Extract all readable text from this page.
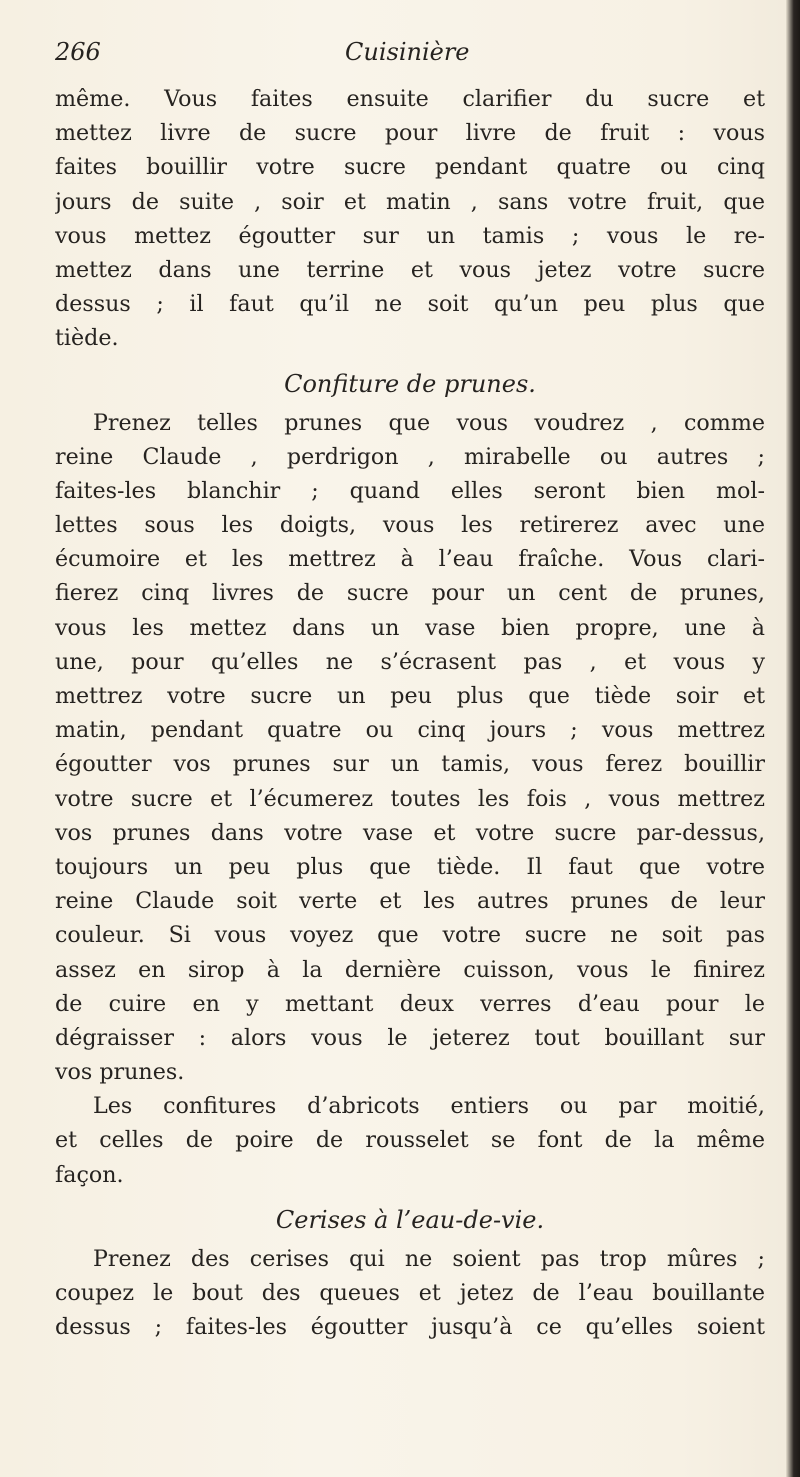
266	Cuisinière
même. Vous faites ensuite clarifier du sucre et
mettez livre de sucre pour livre de fruit : vous
faites bouillir votre sucre pendant quatre ou cinq
jours de suite , soir et matin , sans votre fruit, que
vous mettez égoutter sur un tamis ; vous le re-
mettez dans une terrine et vous jetez votre sucre
dessus ; il faut qu’il ne soit qu’un peu plus que
tiède.
Confiture de prunes.
Prenez telles prunes que vous voudrez , comme
reine Claude , perdrigon , mirabelle ou autres ;
faites-les blanchir ; quand elles seront bien mol-
lettes sous les doigts, vous les retirerez avec une
écumoire et les mettrez à l’eau fraîche. Vous clari-
fierez cinq livres de sucre pour un cent de prunes,
vous les mettez dans un vase bien propre, une à
une, pour qu’elles ne s’écrasent pas , et vous y
mettrez votre sucre un peu plus que tiède soir et
matin, pendant quatre ou cinq jours ; vous mettrez
égoutter vos prunes sur un tamis, vous ferez bouillir
votre sucre et l’écumerez toutes les fois , vous mettrez
vos prunes dans votre vase et votre sucre par-dessus,
toujours un peu plus que tiède. Il faut que votre
reine Claude soit verte et les autres prunes de leur
couleur. Si vous voyez que votre sucre ne soit pas
assez en sirop à la dernière cuisson, vous le finirez
de cuire en y mettant deux verres d’eau pour le
dégraisser : alors vous le jeterez tout bouillant sur
vos prunes.
Les confitures d’abricots entiers ou par moitié,
et celles de poire de rousselet se font de la même
façon.
Cerises à l’eau-de-vie.
Prenez des cerises qui ne soient pas trop mûres ;
coupez le bout des queues et jetez de l’eau bouillante
dessus ; faites-les égoutter jusqu’à ce qu’elles soient
